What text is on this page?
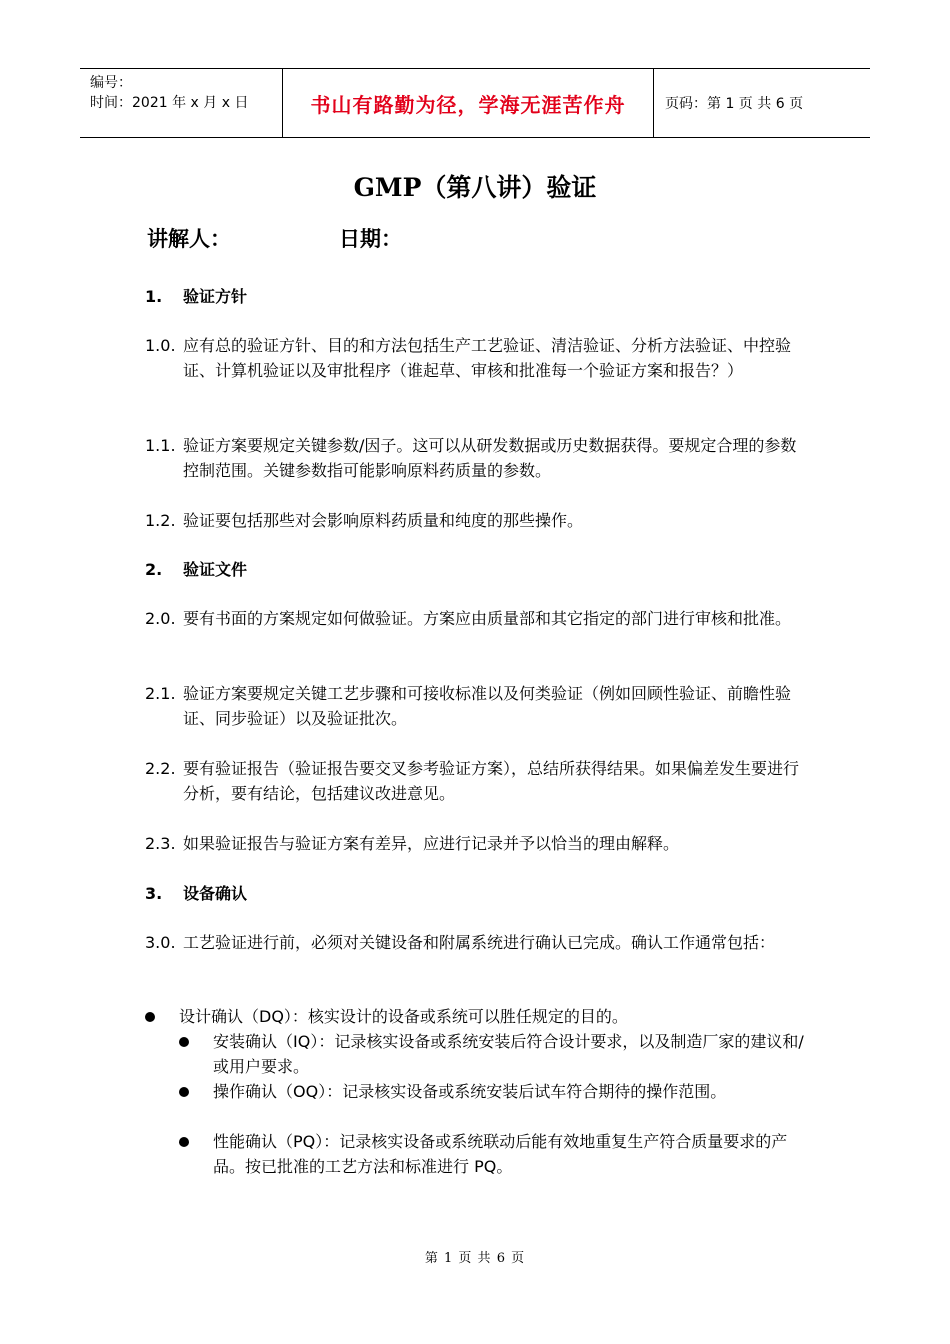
编号：
时间：2021 年 x 月 x 日	书山有路勤为径，学海无涯苦作舟	页码：第 1 页 共 6 页
GMP（第八讲）验证
讲解人：	日期：
1. 验证方针
1.0. 应有总的验证方针、目的和方法包括生产工艺验证、清洁验证、分析方法验证、中控验证、计算机验证以及审批程序（谁起草、审核和批准每一个验证方案和报告？）
1.1. 验证方案要规定关键参数/因子。这可以从研发数据或历史数据获得。要规定合理的参数控制范围。关键参数指可能影响原料药质量的参数。
1.2. 验证要包括那些对会影响原料药质量和纯度的那些操作。
2. 验证文件
2.0. 要有书面的方案规定如何做验证。方案应由质量部和其它指定的部门进行审核和批准。
2.1. 验证方案要规定关键工艺步骤和可接收标准以及何类验证（例如回顾性验证、前瞻性验证、同步验证）以及验证批次。
2.2. 要有验证报告（验证报告要交叉参考验证方案），总结所获得结果。如果偏差发生要进行分析，要有结论，包括建议改进意见。
2.3. 如果验证报告与验证方案有差异，应进行记录并予以恰当的理由解释。
3. 设备确认
3.0. 工艺验证进行前，必须对关键设备和附属系统进行确认已完成。确认工作通常包括：
设计确认（DQ）：核实设计的设备或系统可以胜任规定的目的。
安装确认（IQ）：记录核实设备或系统安装后符合设计要求，以及制造厂家的建议和/或用户要求。
操作确认（OQ）：记录核实设备或系统安装后试车符合期待的操作范围。
性能确认（PQ）：记录核实设备或系统联动后能有效地重复生产符合质量要求的产品。按已批准的工艺方法和标准进行 PQ。
第 1 页 共 6 页
